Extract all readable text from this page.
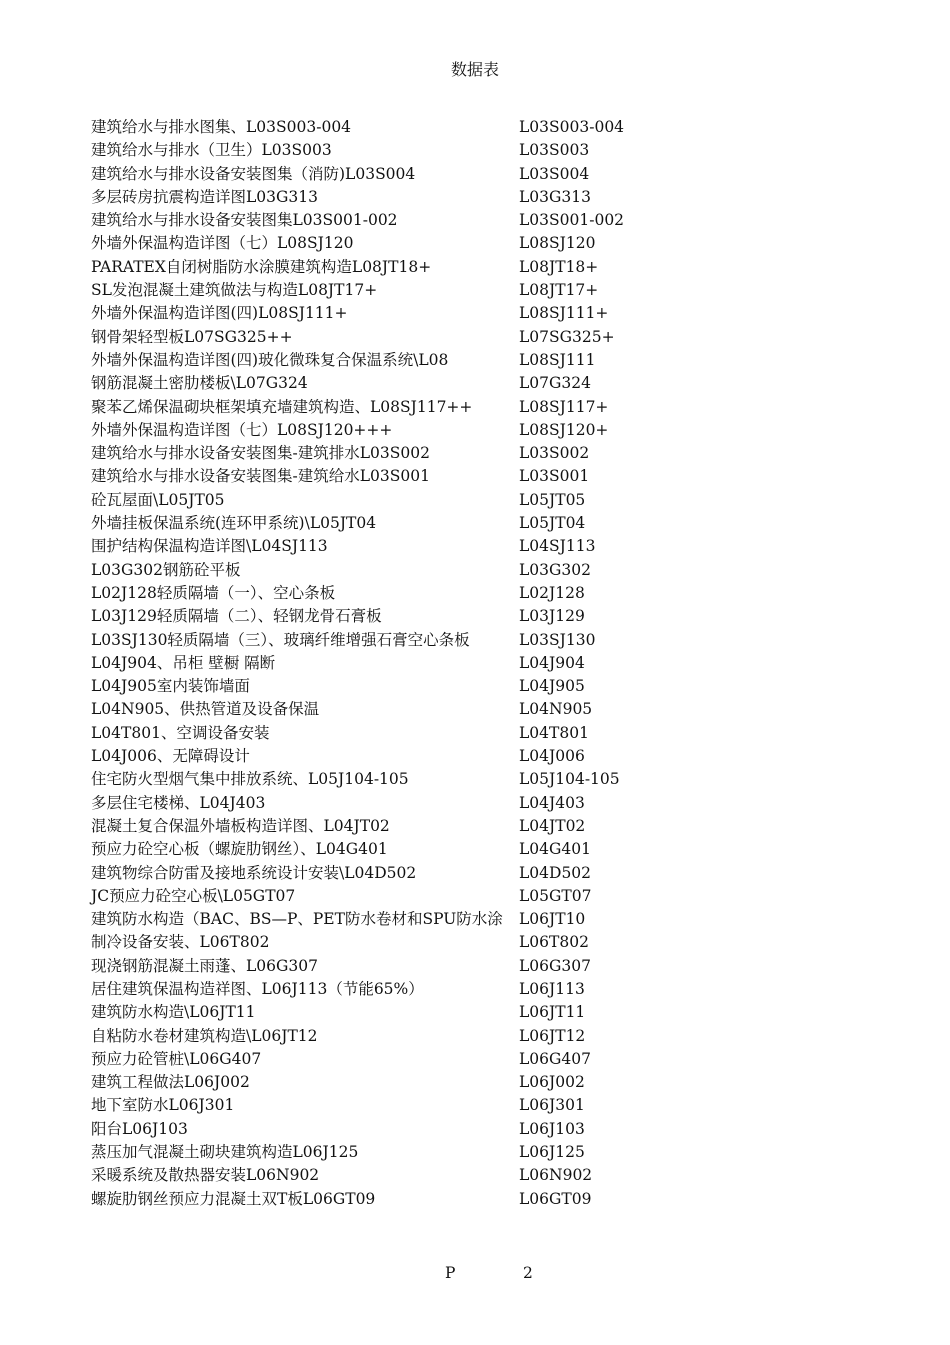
数据表
建筑给水与排水图集、L03S003-004	L03S003-004
建筑给水与排水（卫生）L03S003	L03S003
建筑给水与排水设备安装图集（消防)L03S004	L03S004
多层砖房抗震构造详图L03G313	L03G313
建筑给水与排水设备安装图集L03S001-002	L03S001-002
外墙外保温构造详图（七）L08SJ120	L08SJ120
PARATEX自闭树脂防水涂膜建筑构造L08JT18+	L08JT18+
SL发泡混凝土建筑做法与构造L08JT17+	L08JT17+
外墙外保温构造详图(四)L08SJ111+	L08SJ111+
钢骨架轻型板L07SG325++	L07SG325+
外墙外保温构造详图(四)玻化微珠复合保温系统\L08	L08SJ111
钢筋混凝土密肋楼板\L07G324	L07G324
聚苯乙烯保温砌块框架填充墙建筑构造、L08SJ117++	L08SJ117+
外墙外保温构造详图（七）L08SJ120+++	L08SJ120+
建筑给水与排水设备安装图集-建筑排水L03S002	L03S002
建筑给水与排水设备安装图集-建筑给水L03S001	L03S001
砼瓦屋面\L05JT05	L05JT05
外墙挂板保温系统(连环甲系统)\L05JT04	L05JT04
围护结构保温构造详图\L04SJ113	L04SJ113
L03G302钢筋砼平板	L03G302
L02J128轻质隔墙（一）、空心条板	L02J128
L03J129轻质隔墙（二）、轻钢龙骨石膏板	L03J129
L03SJ130轻质隔墙（三）、玻璃纤维增强石膏空心条板	L03SJ130
L04J904、吊柜 壁橱 隔断	L04J904
L04J905室内装饰墙面	L04J905
L04N905、供热管道及设备保温	L04N905
L04T801、空调设备安装	L04T801
L04J006、无障碍设计	L04J006
住宅防火型烟气集中排放系统、L05J104-105	L05J104-105
多层住宅楼梯、L04J403	L04J403
混凝土复合保温外墙板构造详图、L04JT02	L04JT02
预应力砼空心板（螺旋肋钢丝）、L04G401	L04G401
建筑物综合防雷及接地系统设计安装\L04D502	L04D502
JC预应力砼空心板\L05GT07	L05GT07
建筑防水构造（BAC、BS—P、PET防水卷材和SPU防水涂 L06JT10
制冷设备安装、L06T802	L06T802
现浇钢筋混凝土雨蓬、L06G307	L06G307
居住建筑保温构造祥图、L06J113（节能65%）	L06J113
建筑防水构造\L06JT11	L06JT11
自粘防水卷材建筑构造\L06JT12	L06JT12
预应力砼管桩\L06G407	L06G407
建筑工程做法L06J002	L06J002
地下室防水L06J301	L06J301
阳台L06J103	L06J103
蒸压加气混凝土砌块建筑构造L06J125	L06J125
采暖系统及散热器安装L06N902	L06N902
螺旋肋钢丝预应力混凝土双T板L06GT09	L06GT09
P	2
